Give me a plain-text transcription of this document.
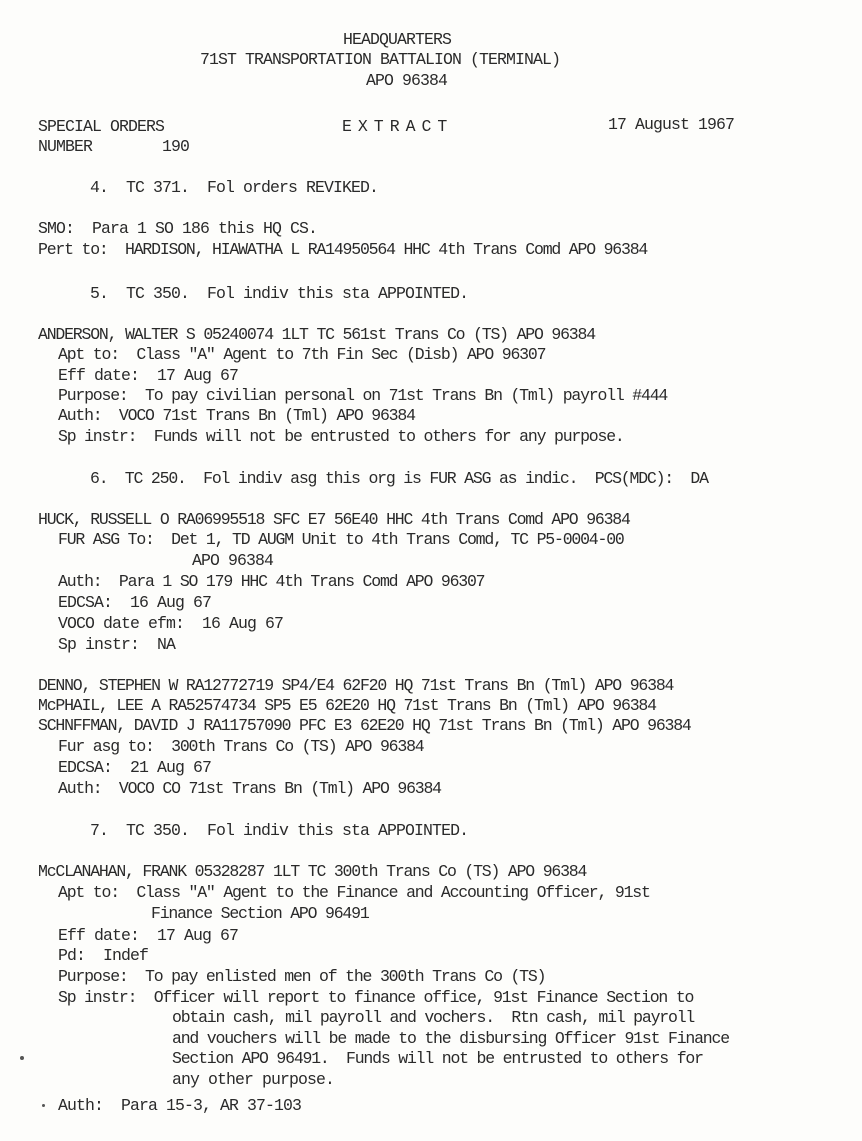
HEADQUARTERS

71ST TRANSPORTATION BATTALION (TERMINAL)

APO 96384

SPECIAL ORDERS

NUMBER	190

EXTRACT	17 August 1967

4.  TC 371.  Fol orders REVIKED.

SMO:  Para 1 SO 186 this HQ CS.

Pert to:  HARDISON, HIAWATHA L RA14950564 HHC 4th Trans Comd APO 96384

5.  TC 350.  Fol indiv this sta APPOINTED.

ANDERSON, WALTER S 05240074 1LT TC 561st Trans Co (TS) APO 96384

Apt to:  Class "A" Agent to 7th Fin Sec (Disb) APO 96307

Eff date:  17 Aug 67

Purpose:  To pay civilian personal on 71st Trans Bn (Tml) payroll #444

Auth:  VOCO 71st Trans Bn (Tml) APO 96384

Sp instr:  Funds will not be entrusted to others for any purpose.

6.  TC 250.  Fol indiv asg this org is FUR ASG as indic.  PCS(MDC):  DA

HUCK, RUSSELL O RA06995518 SFC E7 56E40 HHC 4th Trans Comd APO 96384

FUR ASG To:  Det 1, TD AUGM Unit to 4th Trans Comd, TC P5-0004-00

APO 96384

Auth:  Para 1 SO 179 HHC 4th Trans Comd APO 96307

EDCSA:  16 Aug 67

VOCO date efm:  16 Aug 67

Sp instr:  NA

DENNO, STEPHEN W RA12772719 SP4/E4 62F20 HQ 71st Trans Bn (Tml) APO 96384

McPHAIL, LEE A RA52574734 SP5 E5 62E20 HQ 71st Trans Bn (Tml) APO 96384

SCHNFFMAN, DAVID J RA11757090 PFC E3 62E20 HQ 71st Trans Bn (Tml) APO 96384

Fur asg to:  300th Trans Co (TS) APO 96384

EDCSA:  21 Aug 67

Auth:  VOCO CO 71st Trans Bn (Tml) APO 96384

7.  TC 350.  Fol indiv this sta APPOINTED.

McCLANAHAN, FRANK 05328287 1LT TC 300th Trans Co (TS) APO 96384

Apt to:  Class "A" Agent to the Finance and Accounting Officer, 91st

Finance Section APO 96491

Eff date:  17 Aug 67

Pd:  Indef

Purpose:  To pay enlisted men of the 300th Trans Co (TS)

Sp instr:  Officer will report to finance office, 91st Finance Section to

obtain cash, mil payroll and vochers.  Rtn cash, mil payroll

and vouchers will be made to the disbursing Officer 91st Finance

Section APO 96491.  Funds will not be entrusted to others for

any other purpose.

Auth:  Para 15-3, AR 37-103
